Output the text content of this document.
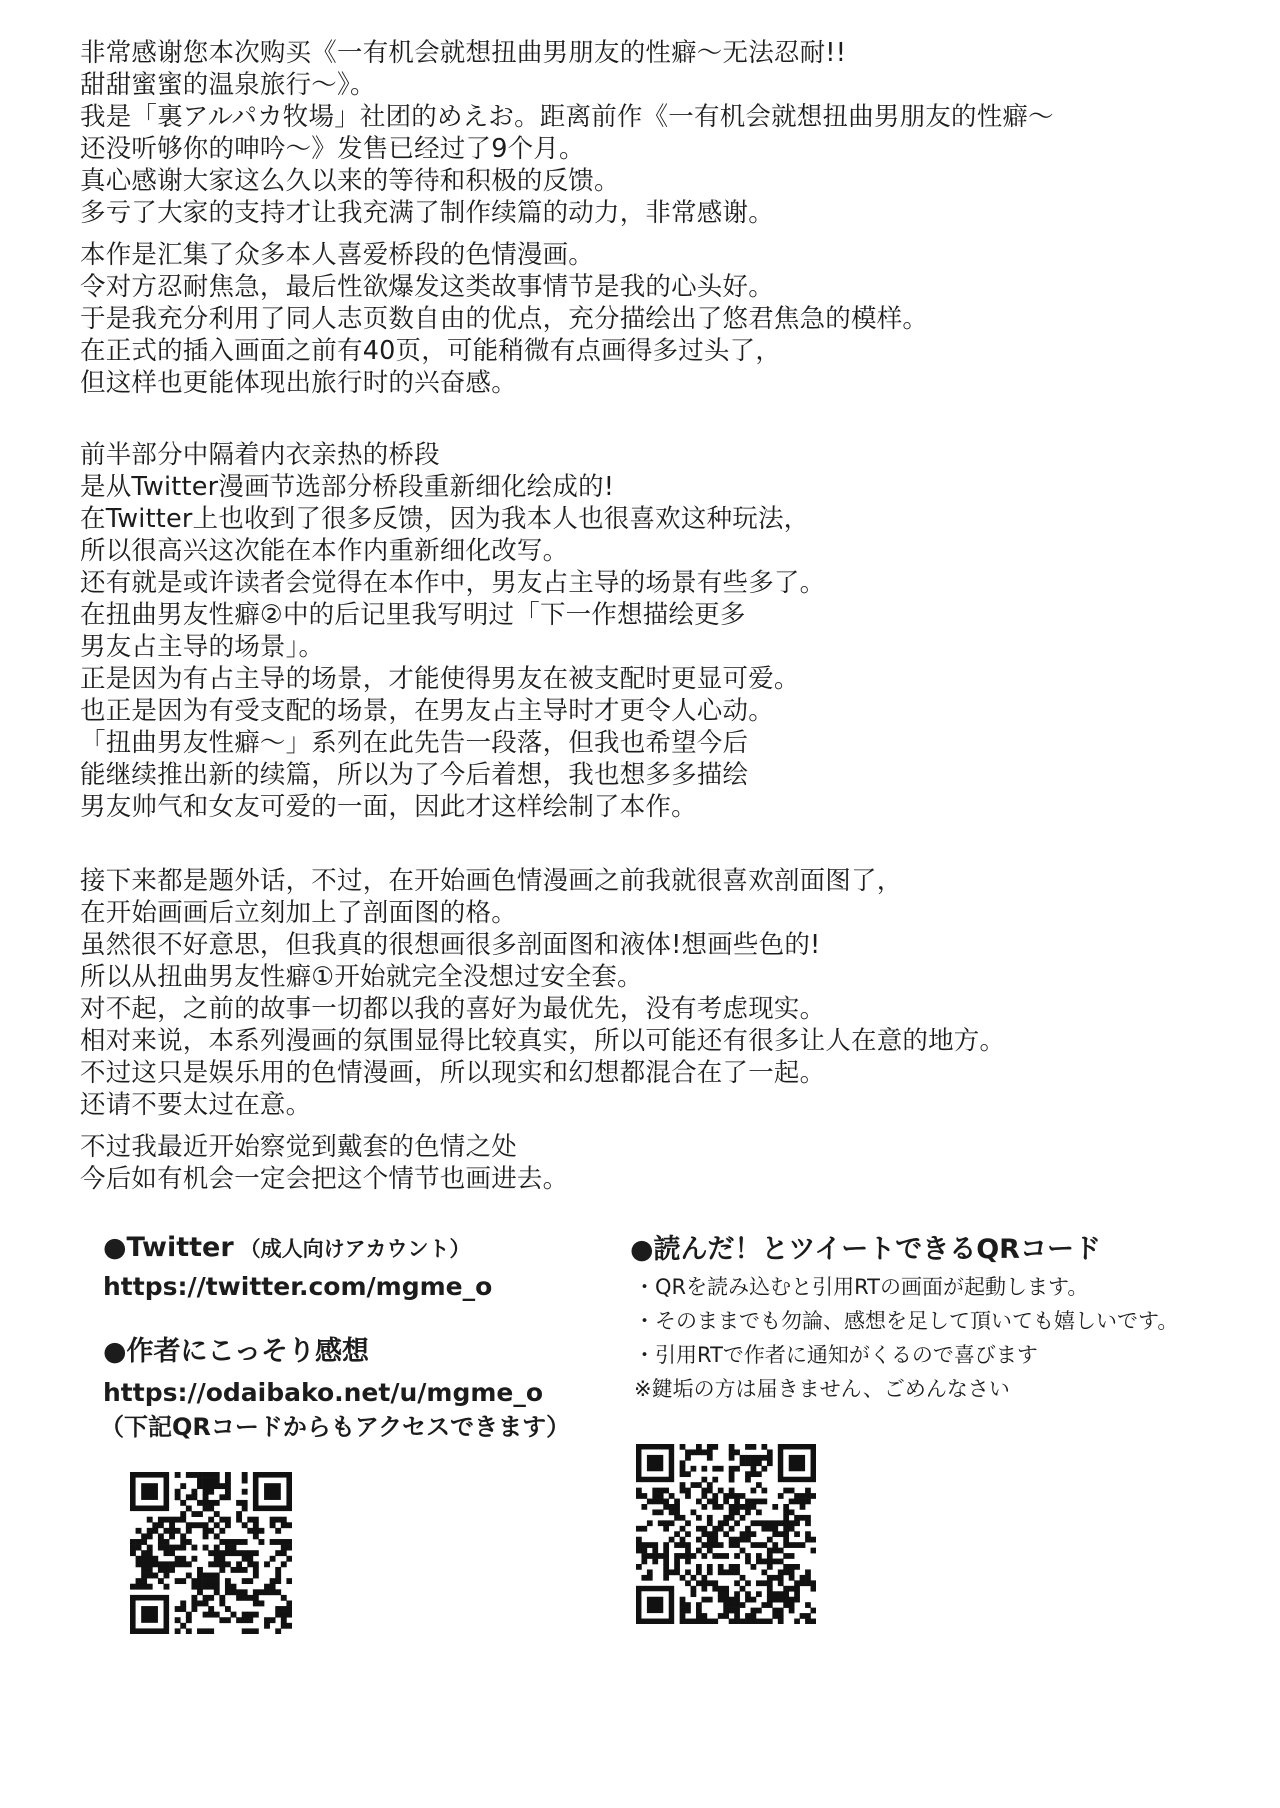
非常感谢您本次购买《一有机会就想扭曲男朋友的性癖～无法忍耐!!
甜甜蜜蜜的温泉旅行～》。
我是「裏アルパカ牧場」社团的めえお。距离前作《一有机会就想扭曲男朋友的性癖～
还没听够你的呻吟～》发售已经过了9个月。
真心感谢大家这么久以来的等待和积极的反馈。
多亏了大家的支持才让我充满了制作续篇的动力，非常感谢。
本作是汇集了众多本人喜爱桥段的色情漫画。
令对方忍耐焦急，最后性欲爆发这类故事情节是我的心头好。
于是我充分利用了同人志页数自由的优点，充分描绘出了悠君焦急的模样。
在正式的插入画面之前有40页，可能稍微有点画得多过头了，
但这样也更能体现出旅行时的兴奋感。
前半部分中隔着内衣亲热的桥段
是从Twitter漫画节选部分桥段重新细化绘成的!
在Twitter上也收到了很多反馈，因为我本人也很喜欢这种玩法，
所以很高兴这次能在本作内重新细化改写。
还有就是或许读者会觉得在本作中，男友占主导的场景有些多了。
在扭曲男友性癖②中的后记里我写明过「下一作想描绘更多
男友占主导的场景」。
正是因为有占主导的场景，才能使得男友在被支配时更显可爱。
也正是因为有受支配的场景，在男友占主导时才更令人心动。
「扭曲男友性癖～」系列在此先告一段落，但我也希望今后
能继续推出新的续篇，所以为了今后着想，我也想多多描绘
男友帅气和女友可爱的一面，因此才这样绘制了本作。
接下来都是题外话，不过，在开始画色情漫画之前我就很喜欢剖面图了，
在开始画画后立刻加上了剖面图的格。
虽然很不好意思，但我真的很想画很多剖面图和液体!想画些色的!
所以从扭曲男友性癖①开始就完全没想过安全套。
对不起，之前的故事一切都以我的喜好为最优先，没有考虑现实。
相对来说，本系列漫画的氛围显得比较真实，所以可能还有很多让人在意的地方。
不过这只是娱乐用的色情漫画，所以现实和幻想都混合在了一起。
还请不要太过在意。
不过我最近开始察觉到戴套的色情之处
今后如有机会一定会把这个情节也画进去。
●Twitter （成人向けアカウント）
https://twitter.com/mgme_o
●作者にこっそり感想
https://odaibako.net/u/mgme_o
（下記QRコードからもアクセスできます）
●読んだ！とツイートできるQRコード
・QRを読み込むと引用RTの画面が起動します。
・そのままでも勿論、感想を足して頂いても嬉しいです。
・引用RTで作者に通知がくるので喜びます
※鍵垢の方は届きません、ごめんなさい
